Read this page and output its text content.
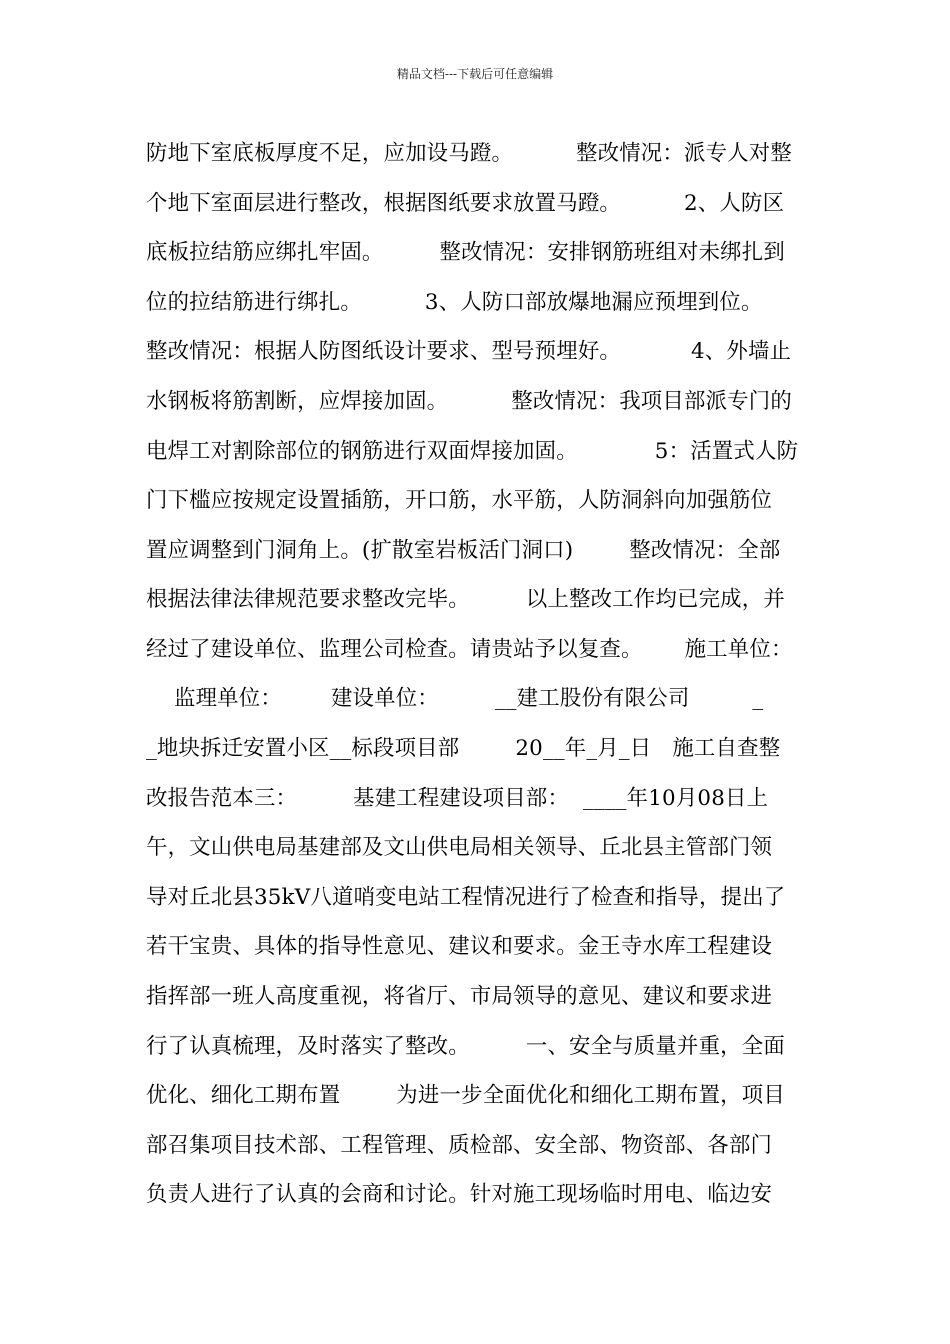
精品文档---下载后可任意编辑
防地下室底板厚度不足，应加设马蹬。         整改情况：派专人对整
个地下室面层进行整改，根据图纸要求放置马蹬。         2、人防区
底板拉结筋应绑扎牢固。        整改情况：安排钢筋班组对未绑扎到
位的拉结筋进行绑扎。         3、人防口部放爆地漏应预埋到位。
整改情况：根据人防图纸设计要求、型号预埋好。          4、外墙止
水钢板将筋割断，应焊接加固。         整改情况：我项目部派专门的
电焊工对割除部位的钢筋进行双面焊接加固。           5：活置式人防
门下槛应按规定设置插筋，开口筋，水平筋，人防洞斜向加强筋位
置应调整到门洞角上。(扩散室岩板活门洞口)        整改情况：全部
根据法律法律规范要求整改完毕。        以上整改工作均已完成，并
经过了建设单位、监理公司检查。请贵站予以复查。      施工单位：
监理单位：       建设单位：        __建工股份有限公司         _
_地块拆迁安置小区__标段项目部        20__年_月_日   施工自查整
改报告范本三：        基建工程建设项目部：  ____年10月08日上
午，文山供电局基建部及文山供电局相关领导、丘北县主管部门领
导对丘北县35kV八道哨变电站工程情况进行了检查和指导，提出了
若干宝贵、具体的指导性意见、建议和要求。金王寺水库工程建设
指挥部一班人高度重视，将省厅、市局领导的意见、建议和要求进
行了认真梳理，及时落实了整改。        一、安全与质量并重，全面
优化、细化工期布置        为进一步全面优化和细化工期布置，项目
部召集项目技术部、工程管理、质检部、安全部、物资部、各部门
负责人进行了认真的会商和讨论。针对施工现场临时用电、临边安
